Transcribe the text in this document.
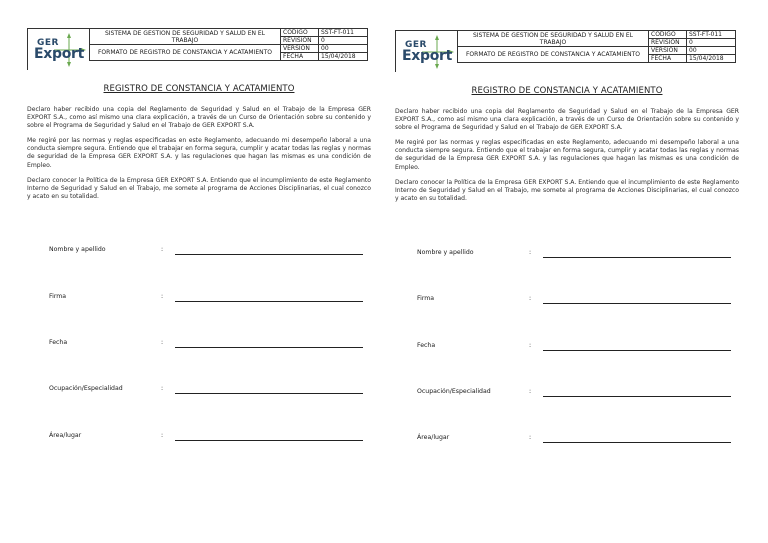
GER
Export
SISTEMA DE GESTION DE SEGURIDAD Y SALUD EN EL TRABAJO	CODIGO	SST-FT-011
	REVISION	0
FORMATO DE REGISTRO DE CONSTANCIA Y ACATAMIENTO	VERSION	00
	FECHA	15/04/2018
REGISTRO DE CONSTANCIA Y ACATAMIENTO

Declaro haber recibido una copia del Reglamento de Seguridad y Salud en el Trabajo de la Empresa GER EXPORT S.A., como así mismo una clara explicación, a través de un Curso de Orientación sobre su contenido y sobre el Programa de Seguridad y Salud en el Trabajo de GER EXPORT S.A.

Me regiré por las normas y reglas especificadas en este Reglamento, adecuando mi desempeño laboral a una conducta siempre segura. Entiendo que el trabajar en forma segura, cumplir y acatar todas las reglas y normas de seguridad de la Empresa GER EXPORT S.A. y las regulaciones que hagan las mismas es una condición de Empleo.

Declaro conocer la Política de la Empresa GER EXPORT S.A. Entiendo que el incumplimiento de este Reglamento Interno de Seguridad y Salud en el Trabajo, me somete al programa de Acciones Disciplinarias, el cual conozco y acato en su totalidad.

Nombre y apellido	:
Firma	:
Fecha	:
Ocupación/Especialidad	:
Área/lugar	:
GER
Export
SISTEMA DE GESTION DE SEGURIDAD Y SALUD EN EL TRABAJO	CODIGO	SST-FT-011
	REVISION	0
FORMATO DE REGISTRO DE CONSTANCIA Y ACATAMIENTO	VERSION	00
	FECHA	15/04/2018
REGISTRO DE CONSTANCIA Y ACATAMIENTO

Declaro haber recibido una copia del Reglamento de Seguridad y Salud en el Trabajo de la Empresa GER EXPORT S.A., como así mismo una clara explicación, a través de un Curso de Orientación sobre su contenido y sobre el Programa de Seguridad y Salud en el Trabajo de GER EXPORT S.A.

Me regiré por las normas y reglas especificadas en este Reglamento, adecuando mi desempeño laboral a una conducta siempre segura. Entiendo que el trabajar en forma segura, cumplir y acatar todas las reglas y normas de seguridad de la Empresa GER EXPORT S.A. y las regulaciones que hagan las mismas es una condición de Empleo.

Declaro conocer la Política de la Empresa GER EXPORT S.A. Entiendo que el incumplimiento de este Reglamento Interno de Seguridad y Salud en el Trabajo, me somete al programa de Acciones Disciplinarias, el cual conozco y acato en su totalidad.

Nombre y apellido	:
Firma	:
Fecha	:
Ocupación/Especialidad	:
Área/lugar	:
